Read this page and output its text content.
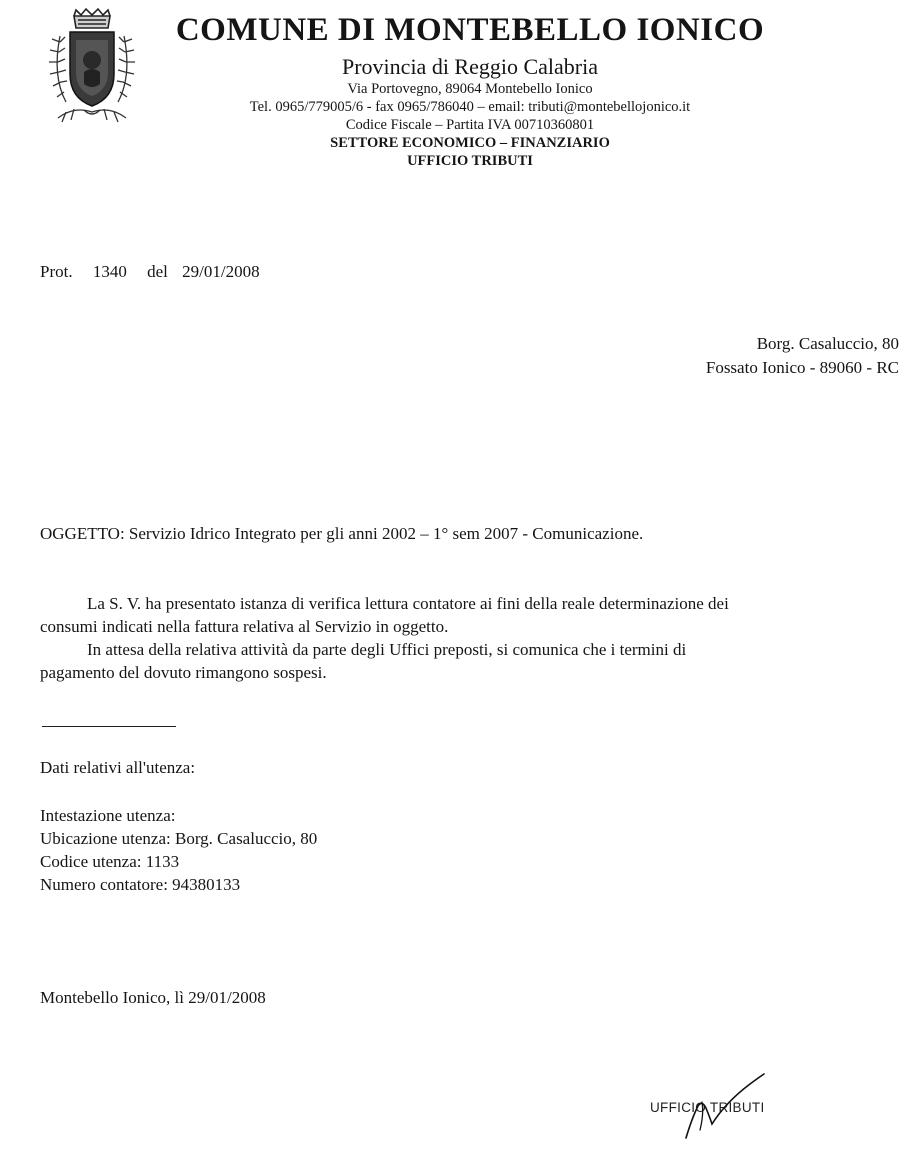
COMUNE DI MONTEBELLO IONICO
Provincia di Reggio Calabria
Via Portovegno, 89064 Montebello Ionico
Tel. 0965/779005/6 - fax 0965/786040 – email: tributi@montebellojonico.it
Codice Fiscale – Partita IVA 00710360801
SETTORE ECONOMICO – FINANZIARIO
UFFICIO TRIBUTI
Prot. 1340 del 29/01/2008
Borg. Casaluccio, 80
Fossato Ionico - 89060 - RC
OGGETTO: Servizio Idrico Integrato per gli anni 2002 – 1° sem 2007 - Comunicazione.
La S. V. ha presentato istanza di verifica lettura contatore ai fini della reale determinazione dei
consumi indicati nella fattura relativa al Servizio in oggetto.
In attesa della relativa attività da parte degli Uffici preposti, si comunica che i termini di
pagamento del dovuto rimangono sospesi.
Dati relativi all'utenza:
Intestazione utenza:
Ubicazione utenza: Borg. Casaluccio, 80
Codice utenza: 1133
Numero contatore: 94380133
Montebello Ionico, lì 29/01/2008
UFFICIO TRIBUTI
